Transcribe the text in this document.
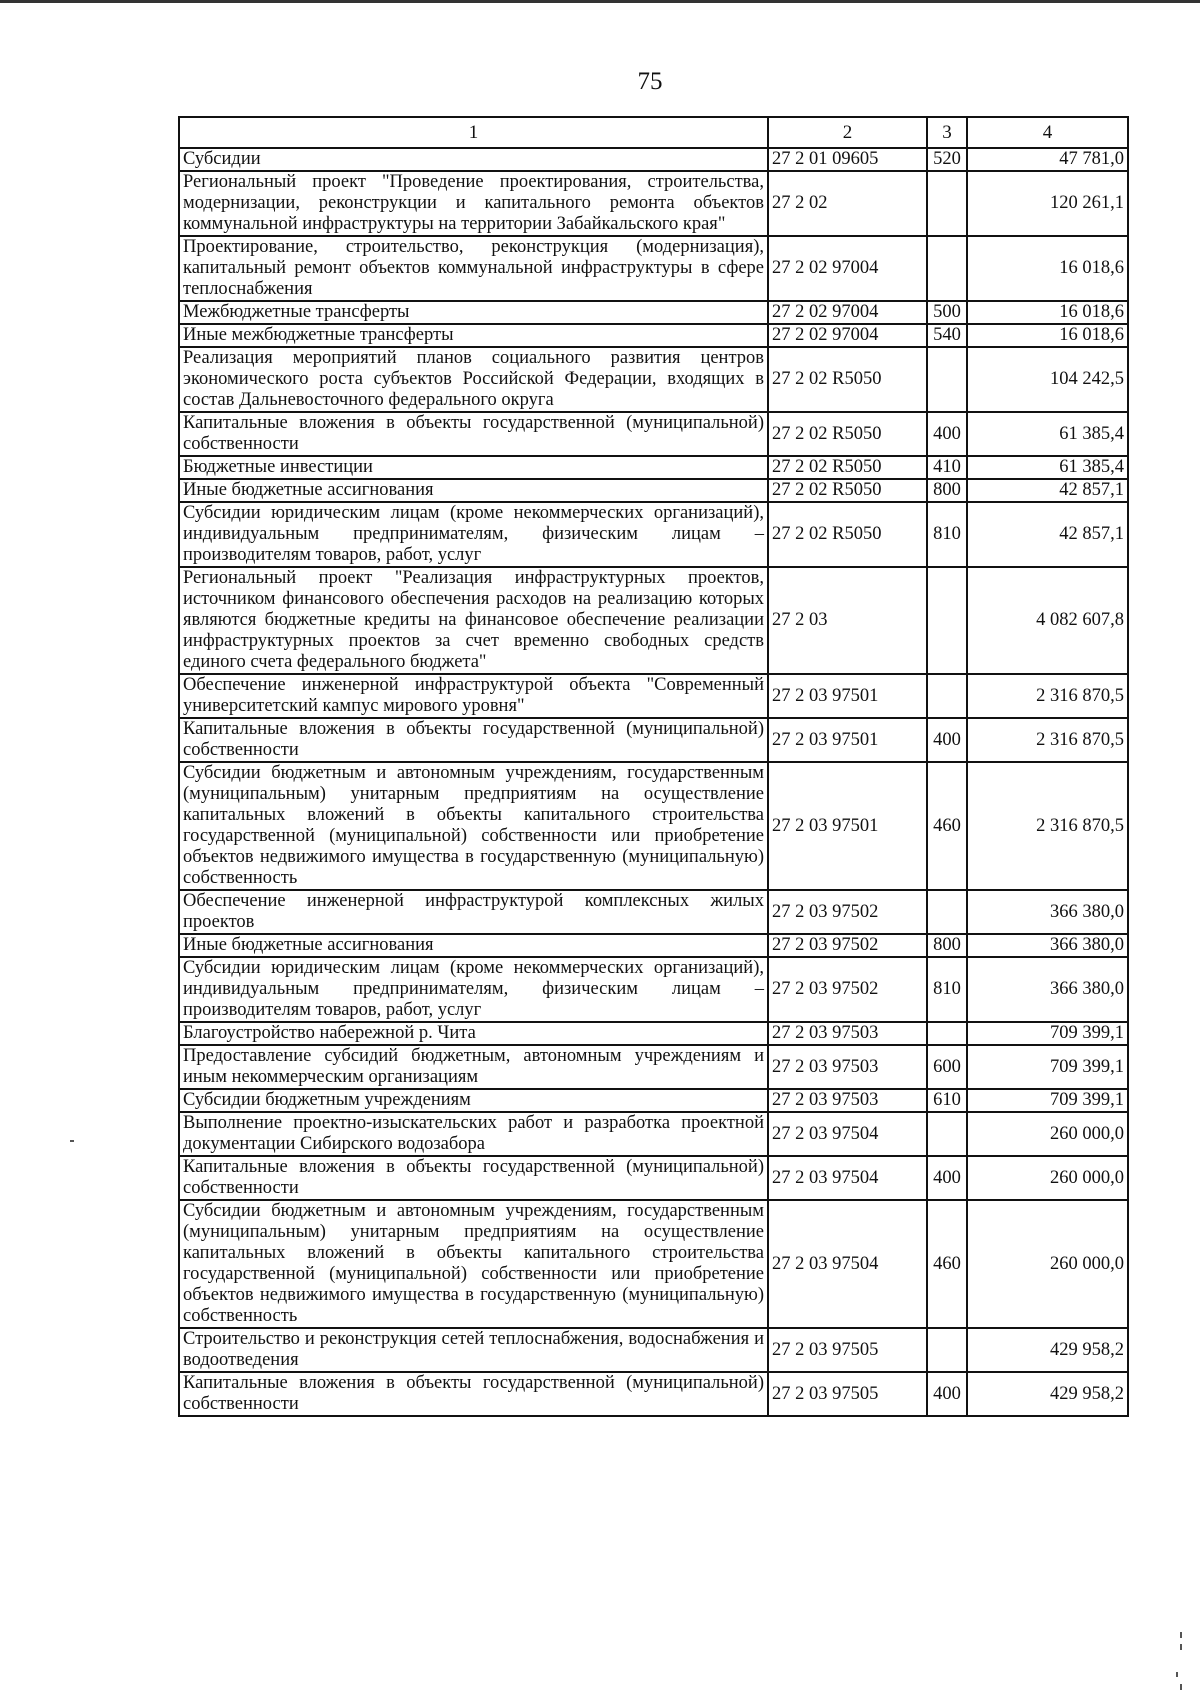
75
1	2	3	4
Субсидии	27 2 01 09605	520	47 781,0
Региональный проект "Проведение проектирования, строительства, модернизации, реконструкции и капитального ремонта объектов коммунальной инфраструктуры на территории Забайкальского края"	27 2 02		120 261,1
Проектирование, строительство, реконструкция (модернизация), капитальный ремонт объектов коммунальной инфраструктуры в сфере теплоснабжения	27 2 02 97004		16 018,6
Межбюджетные трансферты	27 2 02 97004	500	16 018,6
Иные межбюджетные трансферты	27 2 02 97004	540	16 018,6
Реализация мероприятий планов социального развития центров экономического роста субъектов Российской Федерации, входящих в состав Дальневосточного федерального округа	27 2 02 R5050		104 242,5
Капитальные вложения в объекты государственной (муниципальной) собственности	27 2 02 R5050	400	61 385,4
Бюджетные инвестиции	27 2 02 R5050	410	61 385,4
Иные бюджетные ассигнования	27 2 02 R5050	800	42 857,1
Субсидии юридическим лицам (кроме некоммерческих организаций), индивидуальным предпринимателям, физическим лицам – производителям товаров, работ, услуг	27 2 02 R5050	810	42 857,1
Региональный проект "Реализация инфраструктурных проектов, источником финансового обеспечения расходов на реализацию которых являются бюджетные кредиты на финансовое обеспечение реализации инфраструктурных проектов за счет временно свободных средств единого счета федерального бюджета"	27 2 03		4 082 607,8
Обеспечение инженерной инфраструктурой объекта "Современный университетский кампус мирового уровня"	27 2 03 97501		2 316 870,5
Капитальные вложения в объекты государственной (муниципальной) собственности	27 2 03 97501	400	2 316 870,5
Субсидии бюджетным и автономным учреждениям, государственным (муниципальным) унитарным предприятиям на осуществление капитальных вложений в объекты капитального строительства государственной (муниципальной) собственности или приобретение объектов недвижимого имущества в государственную (муниципальную) собственность	27 2 03 97501	460	2 316 870,5
Обеспечение инженерной инфраструктурой комплексных жилых проектов	27 2 03 97502		366 380,0
Иные бюджетные ассигнования	27 2 03 97502	800	366 380,0
Субсидии юридическим лицам (кроме некоммерческих организаций), индивидуальным предпринимателям, физическим лицам – производителям товаров, работ, услуг	27 2 03 97502	810	366 380,0
Благоустройство набережной р. Чита	27 2 03 97503		709 399,1
Предоставление субсидий бюджетным, автономным учреждениям и иным некоммерческим организациям	27 2 03 97503	600	709 399,1
Субсидии бюджетным учреждениям	27 2 03 97503	610	709 399,1
Выполнение проектно-изыскательских работ и разработка проектной документации Сибирского водозабора	27 2 03 97504		260 000,0
Капитальные вложения в объекты государственной (муниципальной) собственности	27 2 03 97504	400	260 000,0
Субсидии бюджетным и автономным учреждениям, государственным (муниципальным) унитарным предприятиям на осуществление капитальных вложений в объекты капитального строительства государственной (муниципальной) собственности или приобретение объектов недвижимого имущества в государственную (муниципальную) собственность	27 2 03 97504	460	260 000,0
Строительство и реконструкция сетей теплоснабжения, водоснабжения и водоотведения	27 2 03 97505		429 958,2
Капитальные вложения в объекты государственной (муниципальной) собственности	27 2 03 97505	400	429 958,2
